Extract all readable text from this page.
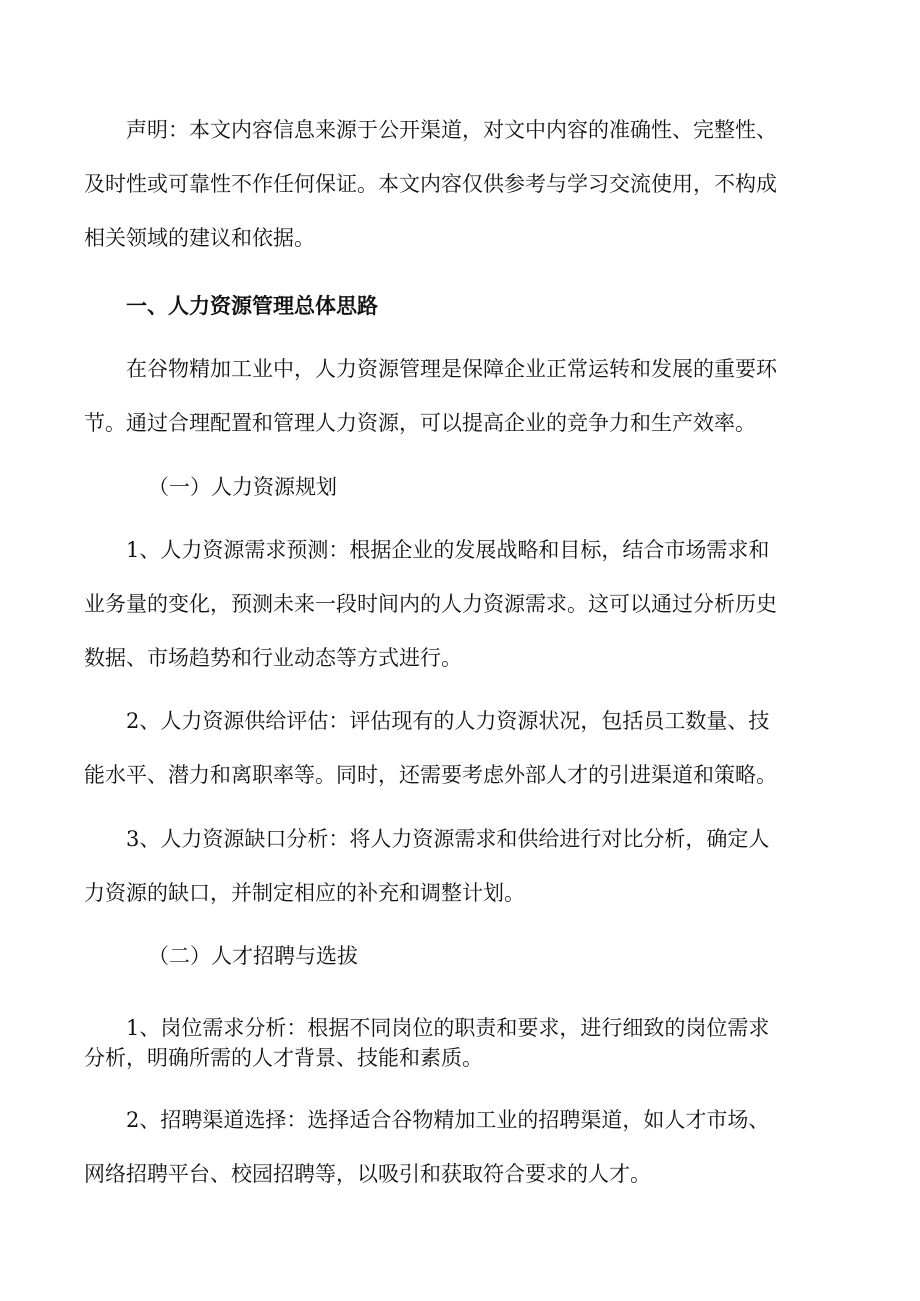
声明：本文内容信息来源于公开渠道，对文中内容的准确性、完整性、

及时性或可靠性不作任何保证。本文内容仅供参考与学习交流使用，不构成

相关领域的建议和依据。

一、人力资源管理总体思路

在谷物精加工业中，人力资源管理是保障企业正常运转和发展的重要环

节。通过合理配置和管理人力资源，可以提高企业的竞争力和生产效率。

（一）人力资源规划

1、人力资源需求预测：根据企业的发展战略和目标，结合市场需求和

业务量的变化，预测未来一段时间内的人力资源需求。这可以通过分析历史

数据、市场趋势和行业动态等方式进行。

2、人力资源供给评估：评估现有的人力资源状况，包括员工数量、技

能水平、潜力和离职率等。同时，还需要考虑外部人才的引进渠道和策略。

3、人力资源缺口分析：将人力资源需求和供给进行对比分析，确定人

力资源的缺口，并制定相应的补充和调整计划。

（二）人才招聘与选拔

1、岗位需求分析：根据不同岗位的职责和要求，进行细致的岗位需求

分析，明确所需的人才背景、技能和素质。

2、招聘渠道选择：选择适合谷物精加工业的招聘渠道，如人才市场、

网络招聘平台、校园招聘等，以吸引和获取符合要求的人才。
